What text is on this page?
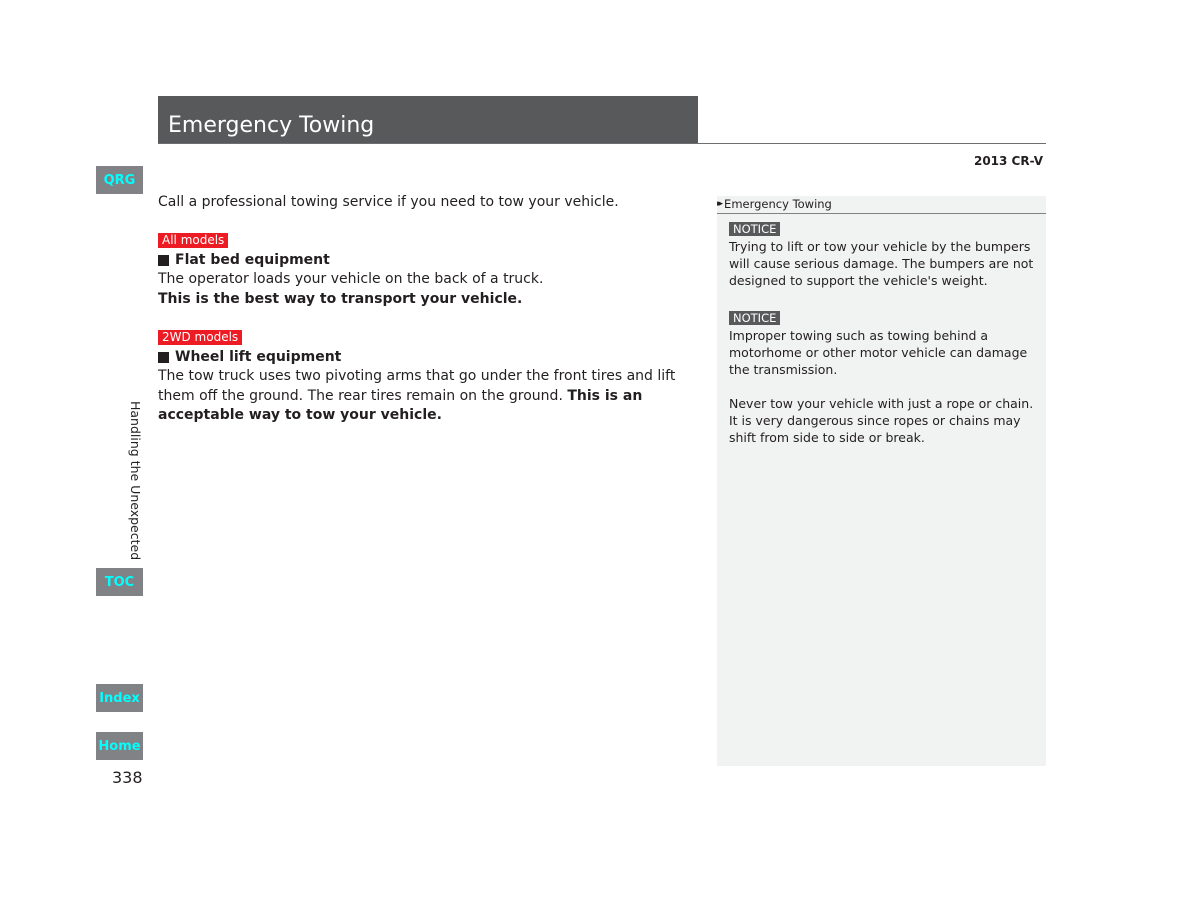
Emergency Towing
2013 CR-V
QRG
Handling the Unexpected
TOC
Index
Home
338
Call a professional towing service if you need to tow your vehicle.
All models
Flat bed equipment
The operator loads your vehicle on the back of a truck.
This is the best way to transport your vehicle.
2WD models
Wheel lift equipment
The tow truck uses two pivoting arms that go under the front tires and lift them off the ground. The rear tires remain on the ground. This is an acceptable way to tow your vehicle.
▸▸ Emergency Towing
NOTICE
Trying to lift or tow your vehicle by the bumpers will cause serious damage. The bumpers are not designed to support the vehicle's weight.
NOTICE
Improper towing such as towing behind a motorhome or other motor vehicle can damage the transmission.
Never tow your vehicle with just a rope or chain.
It is very dangerous since ropes or chains may shift from side to side or break.
